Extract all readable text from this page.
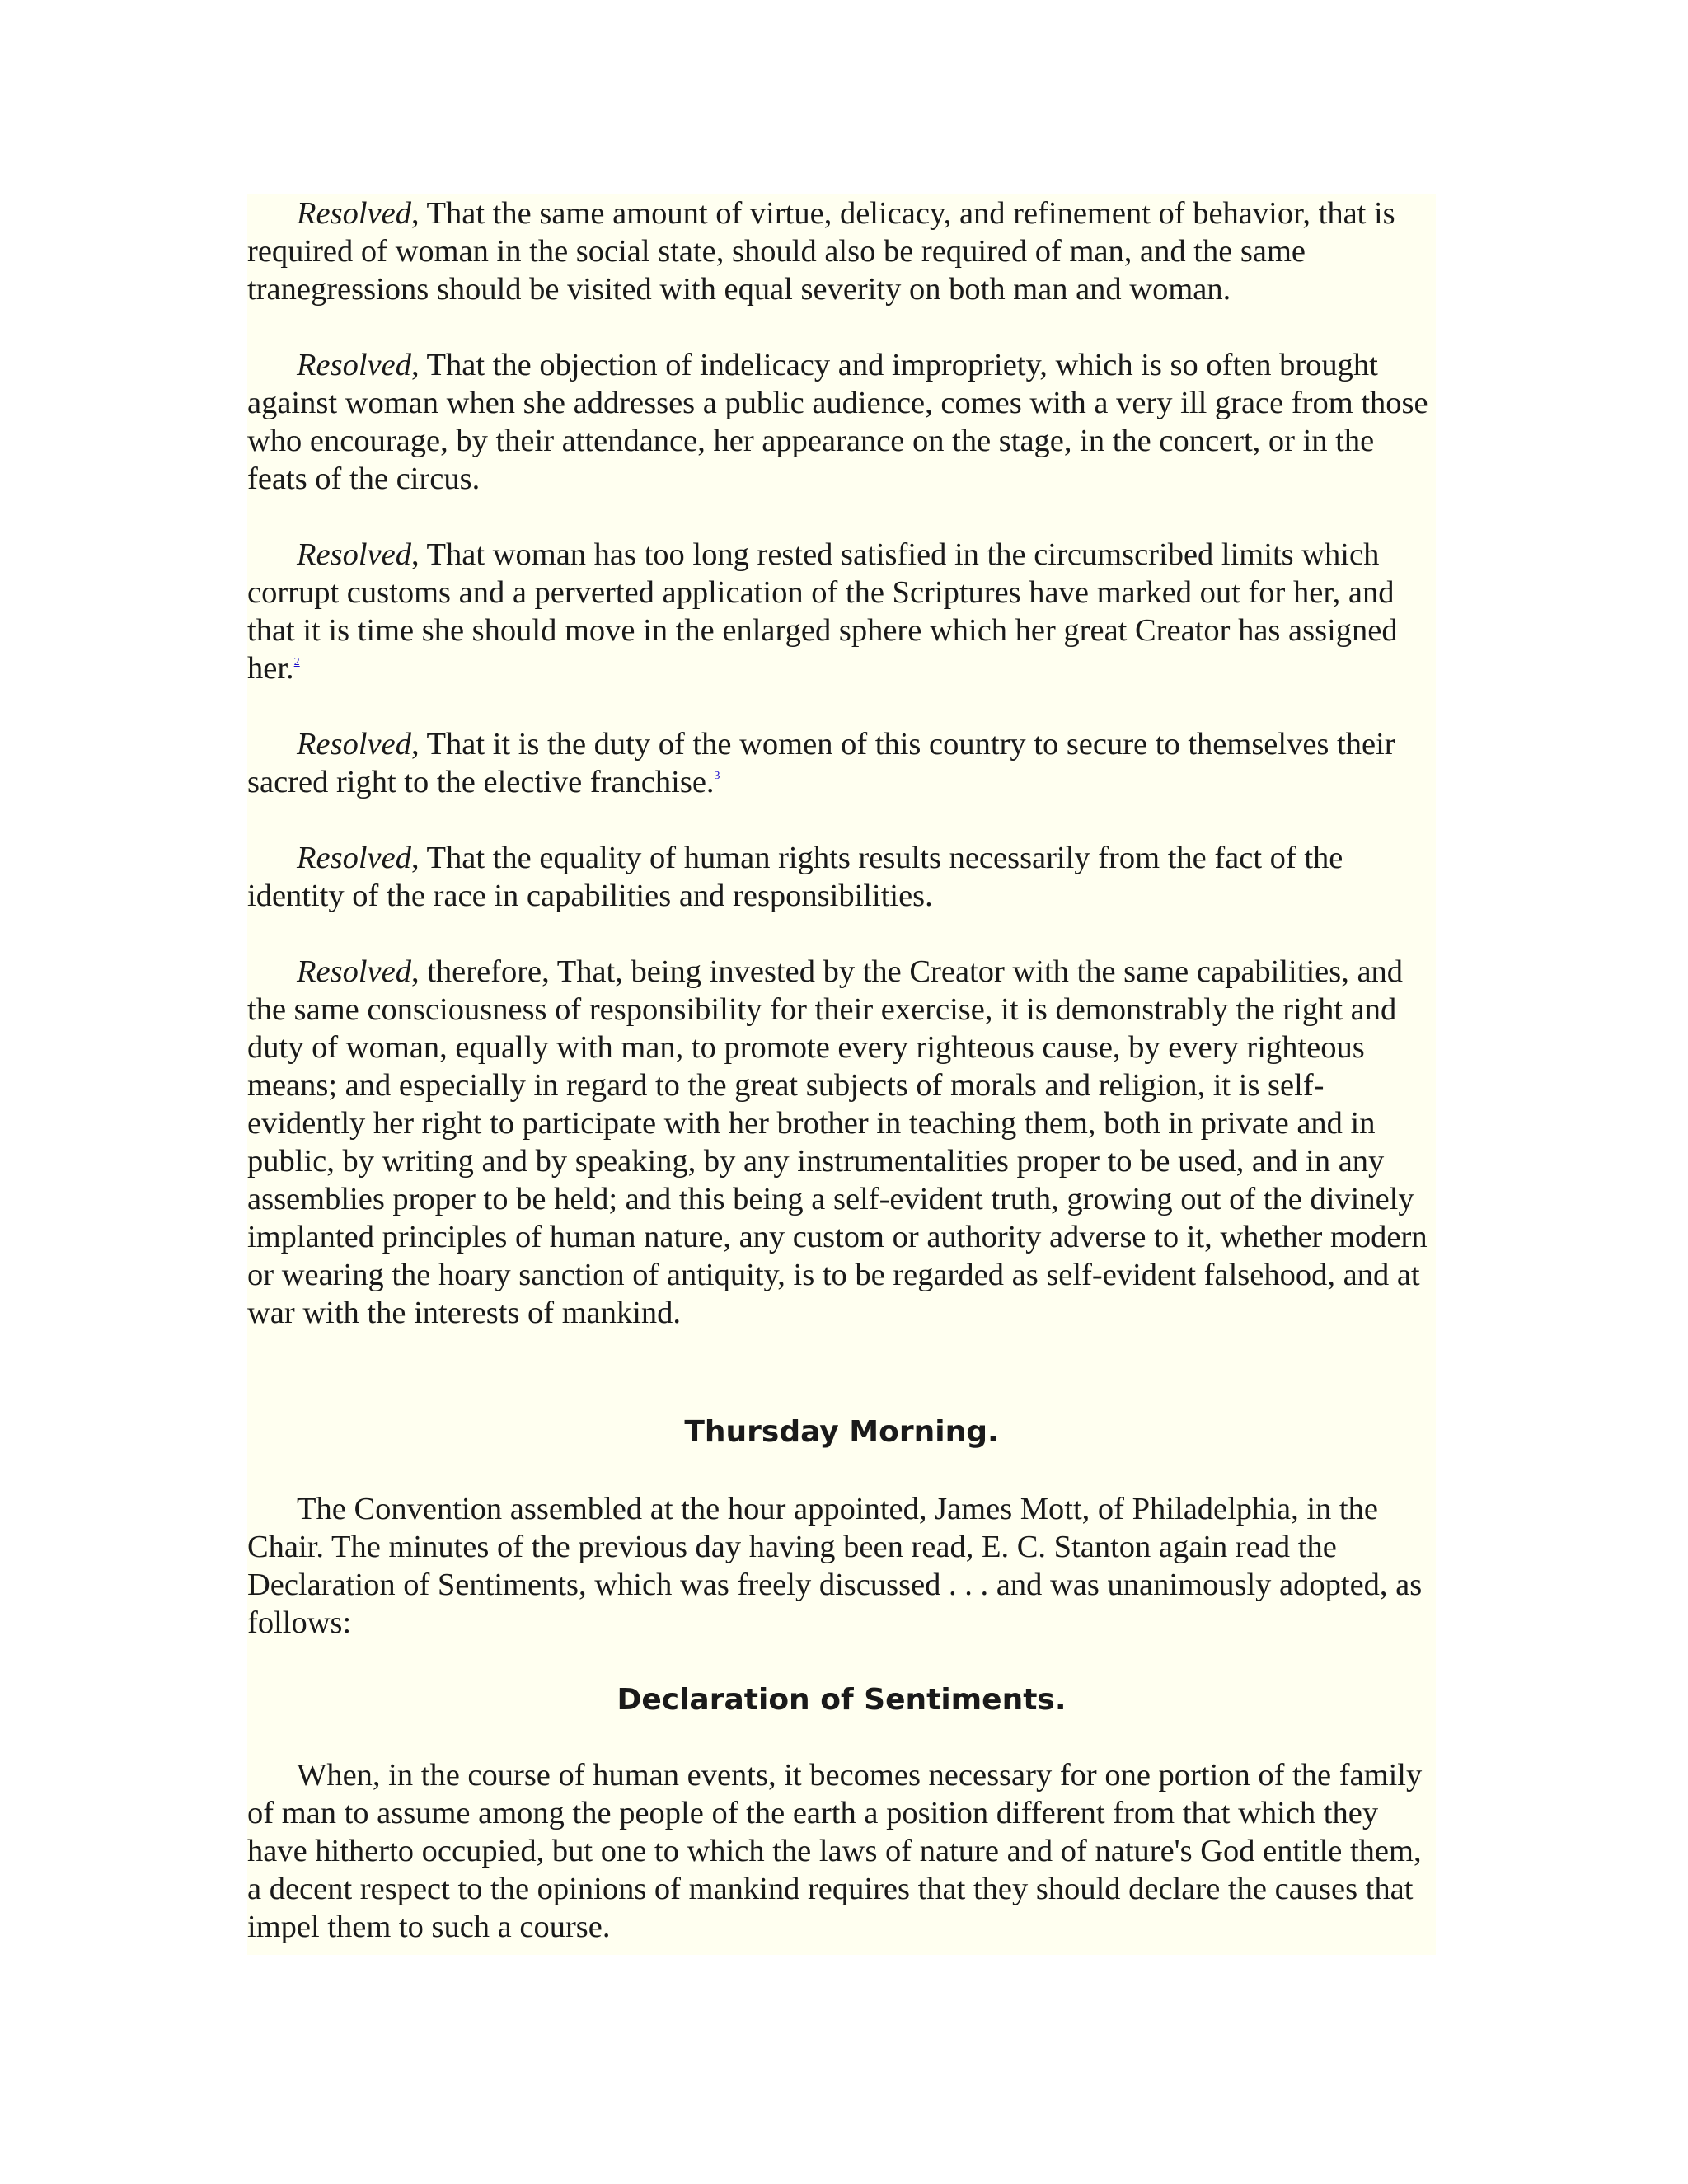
Resolved, That the same amount of virtue, delicacy, and refinement of behavior, that is required of woman in the social state, should also be required of man, and the same tranegressions should be visited with equal severity on both man and woman.

Resolved, That the objection of indelicacy and impropriety, which is so often brought against woman when she addresses a public audience, comes with a very ill grace from those who encourage, by their attendance, her appearance on the stage, in the concert, or in the feats of the circus.

Resolved, That woman has too long rested satisfied in the circumscribed limits which corrupt customs and a perverted application of the Scriptures have marked out for her, and that it is time she should move in the enlarged sphere which her great Creator has assigned her.$^2$

Resolved, That it is the duty of the women of this country to secure to themselves their sacred right to the elective franchise.$^3$

Resolved, That the equality of human rights results necessarily from the fact of the identity of the race in capabilities and responsibilities.

Resolved, therefore, That, being invested by the Creator with the same capabilities, and the same consciousness of responsibility for their exercise, it is demonstrably the right and duty of woman, equally with man, to promote every righteous cause, by every righteous means; and especially in regard to the great subjects of morals and religion, it is self-evidently her right to participate with her brother in teaching them, both in private and in public, by writing and by speaking, by any instrumentalities proper to be used, and in any assemblies proper to be held; and this being a self-evident truth, growing out of the divinely implanted principles of human nature, any custom or authority adverse to it, whether modern or wearing the hoary sanction of antiquity, is to be regarded as self-evident falsehood, and at war with the interests of mankind.

Thursday Morning.

The Convention assembled at the hour appointed, James Mott, of Philadelphia, in the Chair. The minutes of the previous day having been read, E. C. Stanton again read the Declaration of Sentiments, which was freely discussed . . . and was unanimously adopted, as follows:

Declaration of Sentiments.

When, in the course of human events, it becomes necessary for one portion of the family of man to assume among the people of the earth a position different from that which they have hitherto occupied, but one to which the laws of nature and of nature's God entitle them, a decent respect to the opinions of mankind requires that they should declare the causes that impel them to such a course.
